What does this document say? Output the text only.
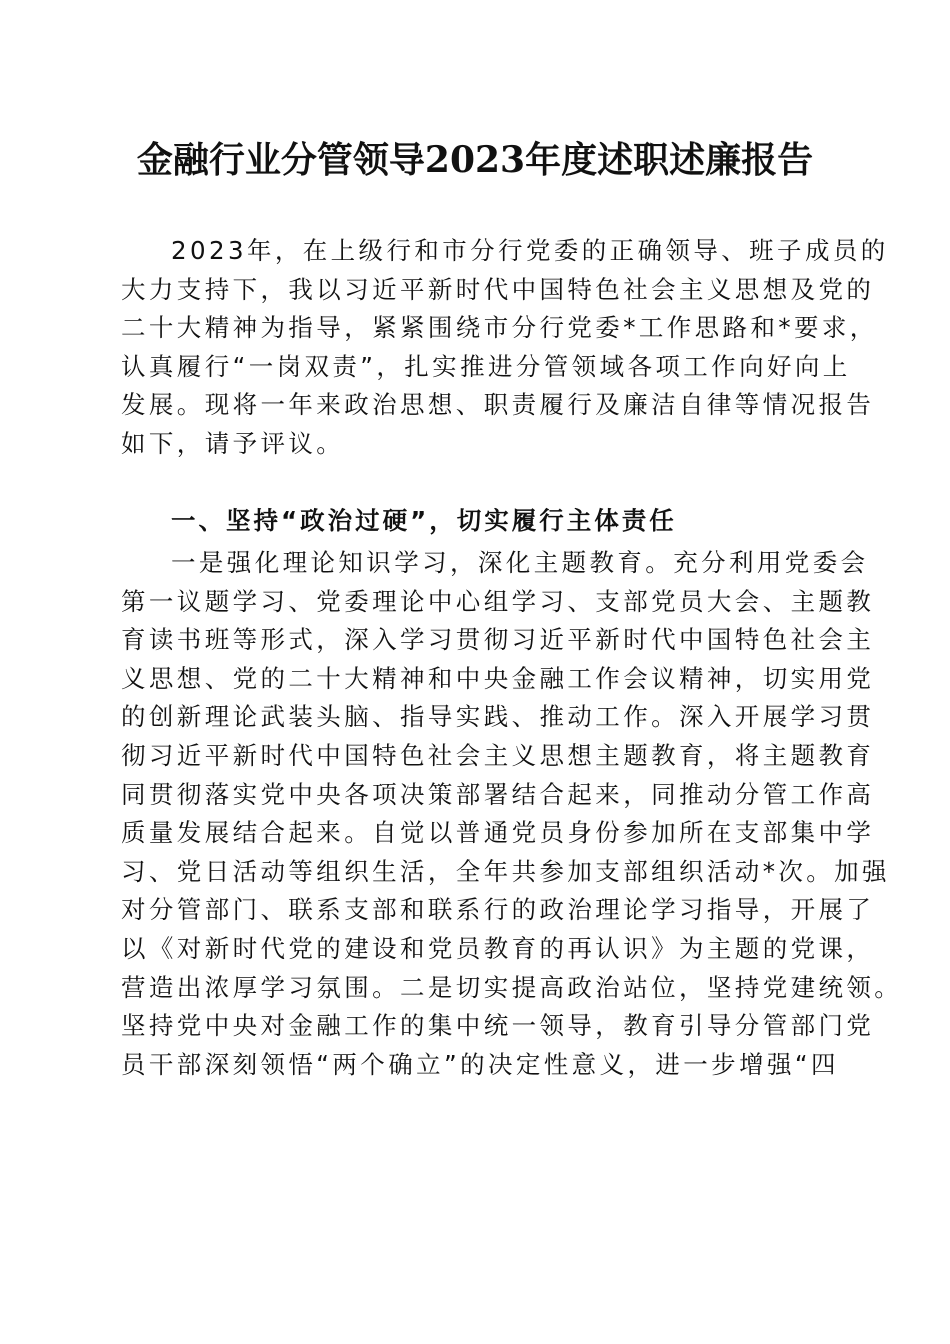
金融行业分管领导2023年度述职述廉报告
2023年，在上级行和市分行党委的正确领导、班子成员的
大力支持下，我以习近平新时代中国特色社会主义思想及党的
二十大精神为指导，紧紧围绕市分行党委*工作思路和*要求，
认真履行“一岗双责”，扎实推进分管领域各项工作向好向上
发展。现将一年来政治思想、职责履行及廉洁自律等情况报告
如下，请予评议。
一、坚持“政治过硬”，切实履行主体责任
一是强化理论知识学习，深化主题教育。充分利用党委会
第一议题学习、党委理论中心组学习、支部党员大会、主题教
育读书班等形式，深入学习贯彻习近平新时代中国特色社会主
义思想、党的二十大精神和中央金融工作会议精神，切实用党
的创新理论武装头脑、指导实践、推动工作。深入开展学习贯
彻习近平新时代中国特色社会主义思想主题教育，将主题教育
同贯彻落实党中央各项决策部署结合起来，同推动分管工作高
质量发展结合起来。自觉以普通党员身份参加所在支部集中学
习、党日活动等组织生活，全年共参加支部组织活动*次。加强
对分管部门、联系支部和联系行的政治理论学习指导，开展了
以《对新时代党的建设和党员教育的再认识》为主题的党课，
营造出浓厚学习氛围。二是切实提高政治站位，坚持党建统领。
坚持党中央对金融工作的集中统一领导，教育引导分管部门党
员干部深刻领悟“两个确立”的决定性意义，进一步增强“四
